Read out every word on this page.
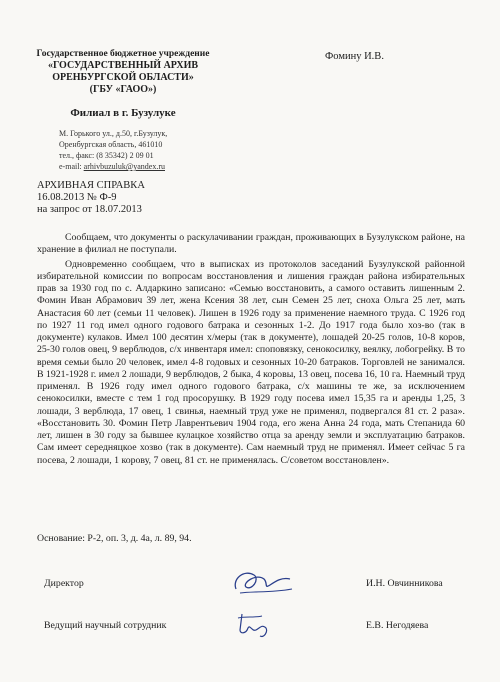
Государственное бюджетное учреждение
«ГОСУДАРСТВЕННЫЙ АРХИВ
ОРЕНБУРГСКОЙ ОБЛАСТИ»
(ГБУ «ГАОО»)
Филиал в г. Бузулуке
М. Горького ул., д.50, г.Бузулук,
Оренбургская область, 461010
тел., факс: (8 35342) 2 09 01
e-mail: arhivbuzuluk@yandex.ru
Фомину И.В.
АРХИВНАЯ СПРАВКА
16.08.2013 № Ф-9
на запрос от 18.07.2013

Сообщаем, что документы о раскулачивании граждан, проживающих в Бузулукском районе, на хранение в филиал не поступали.

Одновременно сообщаем, что в выписках из протоколов заседаний Бузулукской районной избирательной комиссии по вопросам восстановления и лишения граждан района избирательных прав за 1930 год по с. Алдаркино записано: «Семью восстановить, а самого оставить лишенным 2. Фомин Иван Абрамович 39 лет, жена Ксения 38 лет, сын Семен 25 лет, сноха Ольга 25 лет, мать Анастасия 60 лет (семьи 11 человек). Лишен в 1926 году за применение наемного труда. С 1926 год по 1927 11 год имел одного годового батрака и сезонных 1-2. До 1917 года было хоз-во (так в документе) кулаков. Имел 100 десятин х/меры (так в документе), лошадей 20-25 голов, 10-8 коров, 25-30 голов овец, 9 верблюдов, с/х инвентаря имел: споповязку, сенокосилку, веялку, лобогрейку. В то время семьи было 20 человек, имел 4-8 годовых и сезонных 10-20 батраков. Торговлей не занимался. В 1921-1928 г. имел 2 лошади, 9 верблюдов, 2 быка, 4 коровы, 13 овец, посева 16, 10 га. Наемный труд применял. В 1926 году имел одного годового батрака, с/х машины те же, за исключением сенокосилки, вместе с тем 1 год просорушку. В 1929 году посева имел 15,35 га и аренды 1,25, 3 лошади, 3 верблюда, 17 овец, 1 свинья, наемный труд уже не применял, подвергался 81 ст. 2 раза». «Восстановить 30. Фомин Петр Лаврентьевич 1904 года, его жена Анна 24 года, мать Степанида 60 лет, лишен в 30 году за бывшее кулацкое хозяйство отца за аренду земли и эксплуатацию батраков. Сам имеет середняцкое хозво (так в документе). Сам наемный труд не применял. Имеет сейчас 5 га посева, 2 лошади, 1 корову, 7 овец, 81 ст. не применялась. С/советом восстановлен».

Основание: Р-2, оп. 3, д. 4а, л. 89, 94.
Директор	И.Н. Овчинникова
Ведущий научный сотрудник	Е.В. Негодяева
